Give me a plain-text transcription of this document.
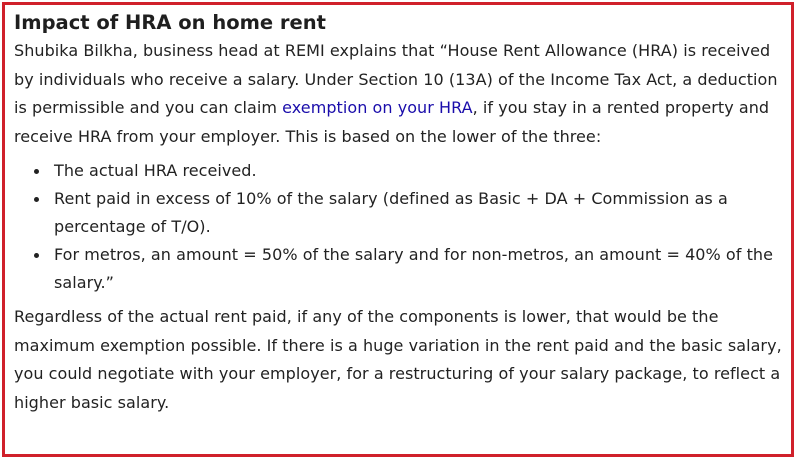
Impact of HRA on home rent

Shubika Bilkha, business head at REMI explains that “House Rent Allowance (HRA) is received by individuals who receive a salary. Under Section 10 (13A) of the Income Tax Act, a deduction is permissible and you can claim exemption on your HRA, if you stay in a rented property and receive HRA from your employer. This is based on the lower of the three:

The actual HRA received.
Rent paid in excess of 10% of the salary (defined as Basic + DA + Commission as a percentage of T/O).
For metros, an amount = 50% of the salary and for non-metros, an amount = 40% of the salary.”

Regardless of the actual rent paid, if any of the components is lower, that would be the maximum exemption possible. If there is a huge variation in the rent paid and the basic salary, you could negotiate with your employer, for a restructuring of your salary package, to reflect a higher basic salary.
